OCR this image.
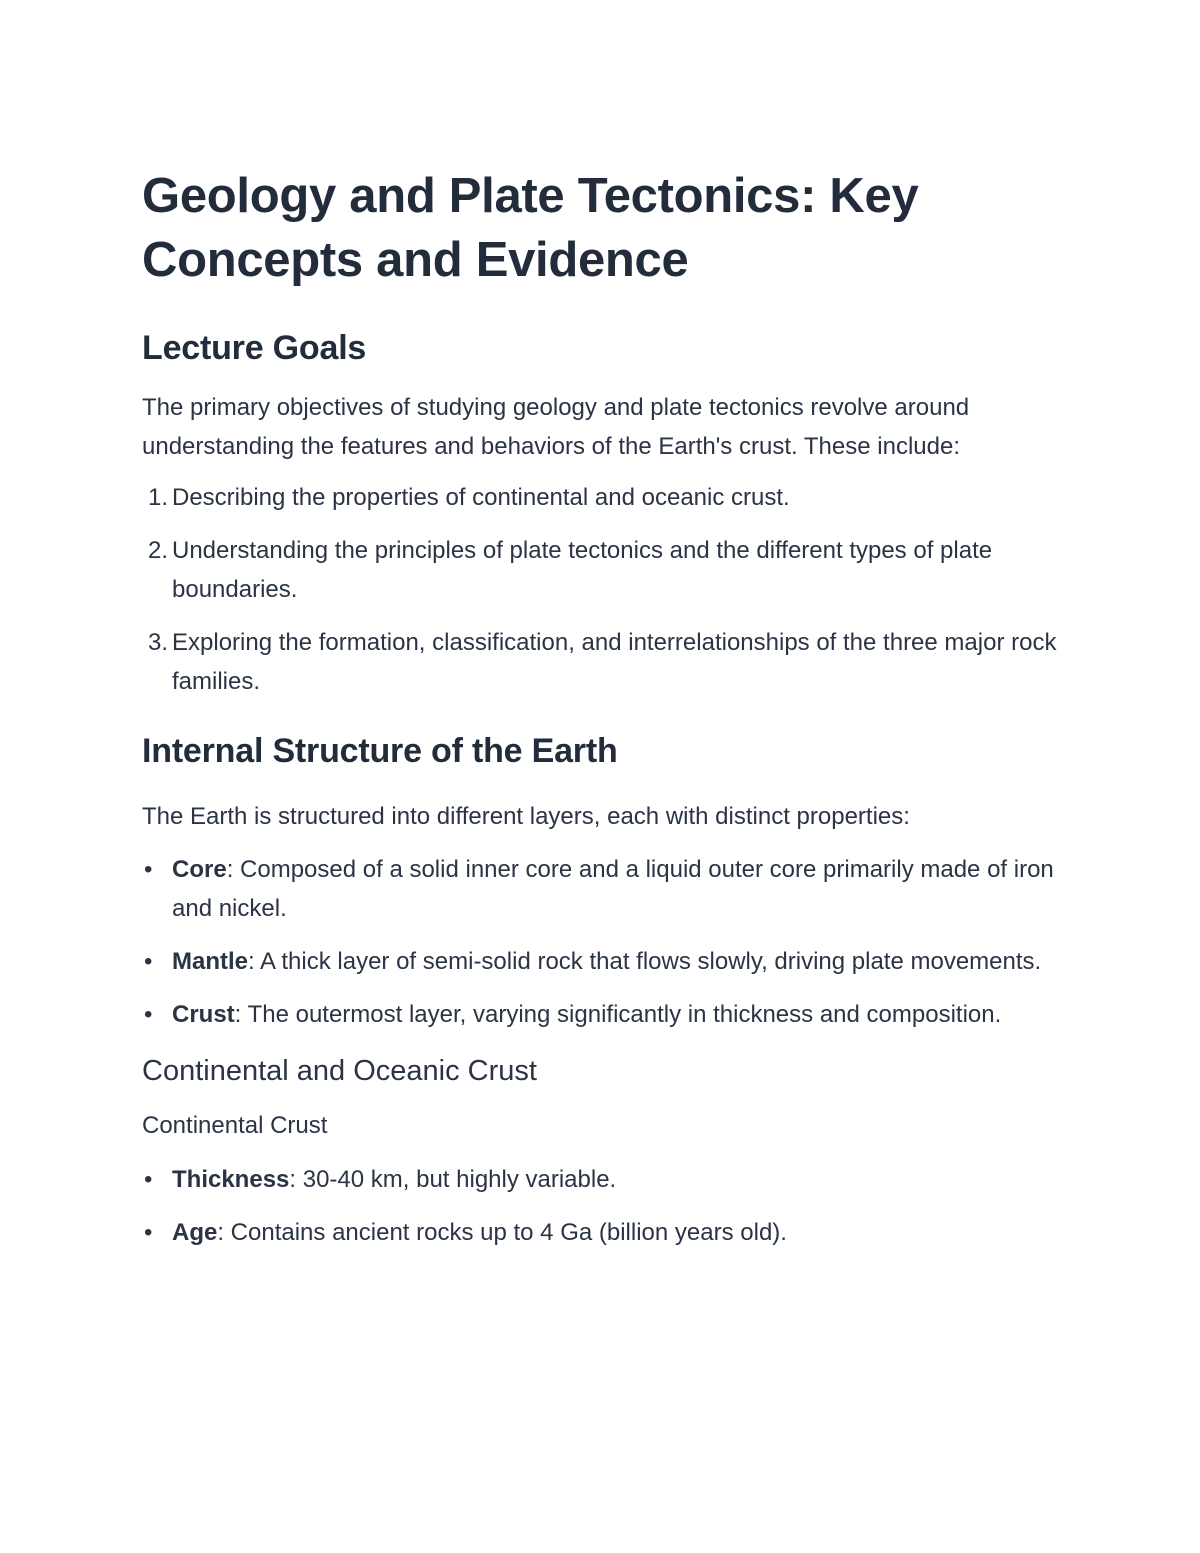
Geology and Plate Tectonics: Key Concepts and Evidence
Lecture Goals

The primary objectives of studying geology and plate tectonics revolve around understanding the features and behaviors of the Earth's crust. These include:

1. Describing the properties of continental and oceanic crust.
2. Understanding the principles of plate tectonics and the different types of plate boundaries.
3. Exploring the formation, classification, and interrelationships of the three major rock families.
Internal Structure of the Earth

The Earth is structured into different layers, each with distinct properties:

• Core: Composed of a solid inner core and a liquid outer core primarily made of iron and nickel.
• Mantle: A thick layer of semi-solid rock that flows slowly, driving plate movements.
• Crust: The outermost layer, varying significantly in thickness and composition.
Continental and Oceanic Crust
Continental Crust
• Thickness: 30-40 km, but highly variable.
• Age: Contains ancient rocks up to 4 Ga (billion years old).
